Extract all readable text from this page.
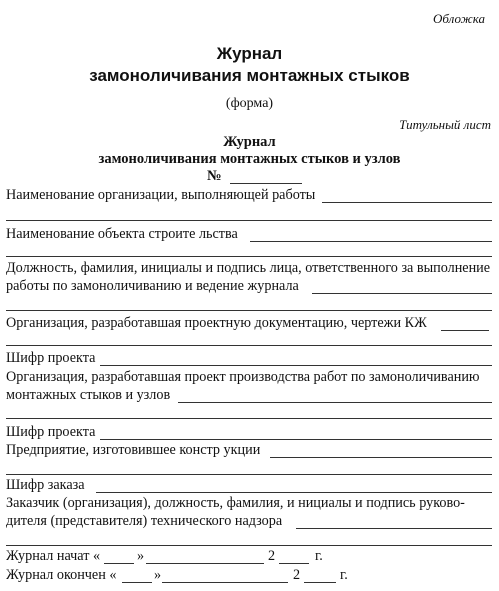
Обложка
Журнал
замоноличивания монтажных стыков
(форма)
Титульный лист
Журнал
замоноличивания монтажных стыков и узлов
№
Наименование организации, выполняющей работы
Наименование объекта строите льства
Должность, фамилия, инициалы и подпись лица, ответственного за выполнение
работы по замоноличиванию и ведение журнала
Организация, разработавшая проектную документацию, чертежи КЖ
Шифр проекта
Организация, разработавшая проект производства работ по замоноличиванию
монтажных стыков и узлов
Шифр проекта
Предприятие, изготовившее констр укции
Шифр заказа
Заказчик (организация), должность, фамилия, и нициалы и подпись руково-
дителя (представителя) технического надзора
Журнал начат «	»	2	г.
Журнал окончен «	»	2	г.
